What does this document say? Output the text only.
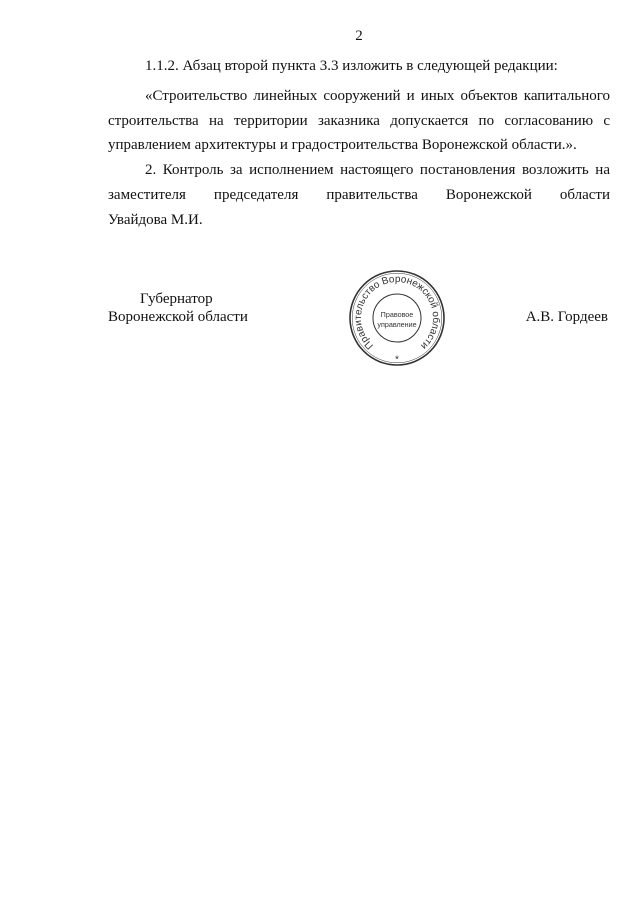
2
1.1.2. Абзац второй пункта 3.3 изложить в следующей редакции:
«Строительство линейных сооружений и иных объектов капитального
строительства на территории заказника допускается по согласованию с
управлением архитектуры и градостроительства Воронежской области.».
2. Контроль за исполнением настоящего постановления возложить на
заместителя председателя правительства Воронежской области
Увайдова М.И.
Губернатор
Воронежской области	А.В. Гордеев
Правительство Воронежской области
Правовое
управление
*
